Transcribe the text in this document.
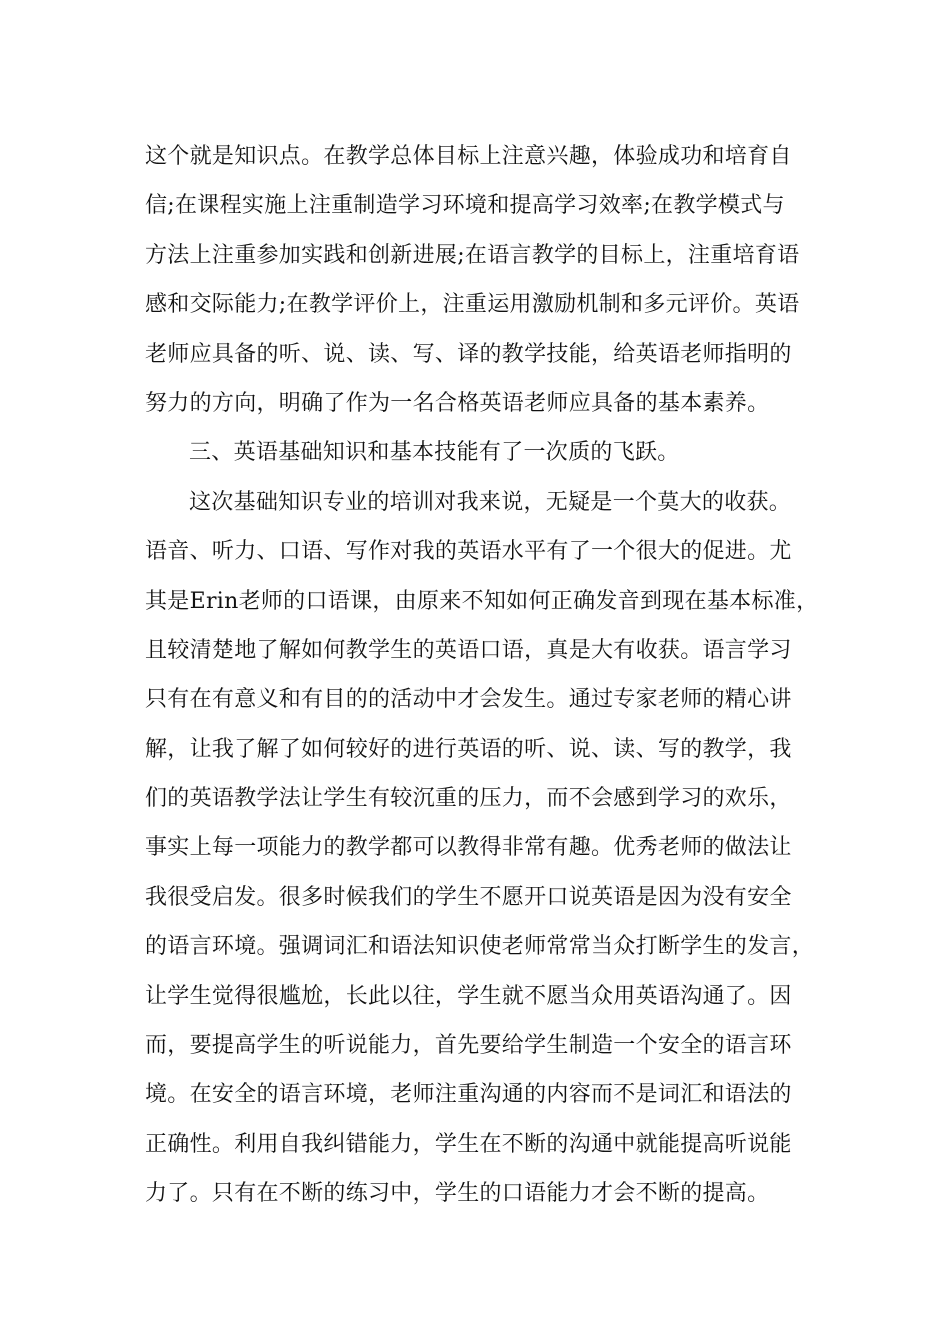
这个就是知识点。在教学总体目标上注意兴趣，体验成功和培育自
信;在课程实施上注重制造学习环境和提高学习效率;在教学模式与
方法上注重参加实践和创新进展;在语言教学的目标上，注重培育语
感和交际能力;在教学评价上，注重运用激励机制和多元评价。英语
老师应具备的听、说、读、写、译的教学技能，给英语老师指明的
努力的方向，明确了作为一名合格英语老师应具备的基本素养。
三、英语基础知识和基本技能有了一次质的飞跃。
这次基础知识专业的培训对我来说，无疑是一个莫大的收获。
语音、听力、口语、写作对我的英语水平有了一个很大的促进。尤
其是Erin老师的口语课，由原来不知如何正确发音到现在基本标准，
且较清楚地了解如何教学生的英语口语，真是大有收获。语言学习
只有在有意义和有目的的活动中才会发生。通过专家老师的精心讲
解，让我了解了如何较好的进行英语的听、说、读、写的教学，我
们的英语教学法让学生有较沉重的压力，而不会感到学习的欢乐，
事实上每一项能力的教学都可以教得非常有趣。优秀老师的做法让
我很受启发。很多时候我们的学生不愿开口说英语是因为没有安全
的语言环境。强调词汇和语法知识使老师常常当众打断学生的发言，
让学生觉得很尴尬，长此以往，学生就不愿当众用英语沟通了。因
而，要提高学生的听说能力，首先要给学生制造一个安全的语言环
境。在安全的语言环境，老师注重沟通的内容而不是词汇和语法的
正确性。利用自我纠错能力，学生在不断的沟通中就能提高听说能
力了。只有在不断的练习中，学生的口语能力才会不断的提高。
